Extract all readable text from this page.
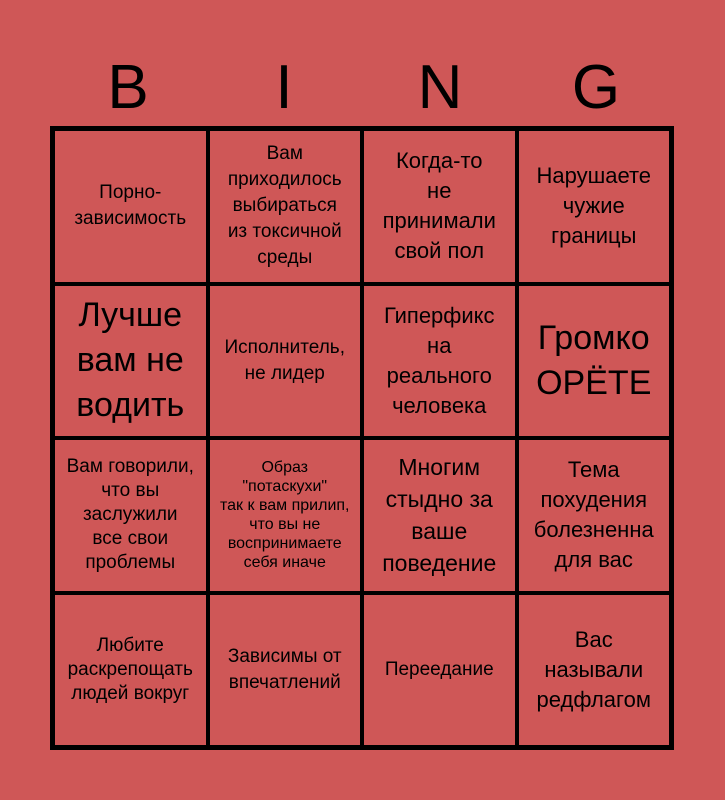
B	I	N	G
Порно-
зависимость
Вам
приходилось
выбираться
из токсичной
среды
Когда-то
не
принимали
свой пол
Нарушаете
чужие
границы
Лучше
вам не
водить
Исполнитель,
не лидер
Гиперфикс
на
реального
человека
Громко
ОРЁТЕ
Вам говорили,
что вы
заслужили
все свои
проблемы
Образ
"потаскухи"
так к вам прилип,
что вы не
воспринимаете
себя иначе
Многим
стыдно за
ваше
поведение
Тема
похудения
болезненна
для вас
Любите
раскрепощать
людей вокруг
Зависимы от
впечатлений
Переедание
Вас
называли
редфлагом
